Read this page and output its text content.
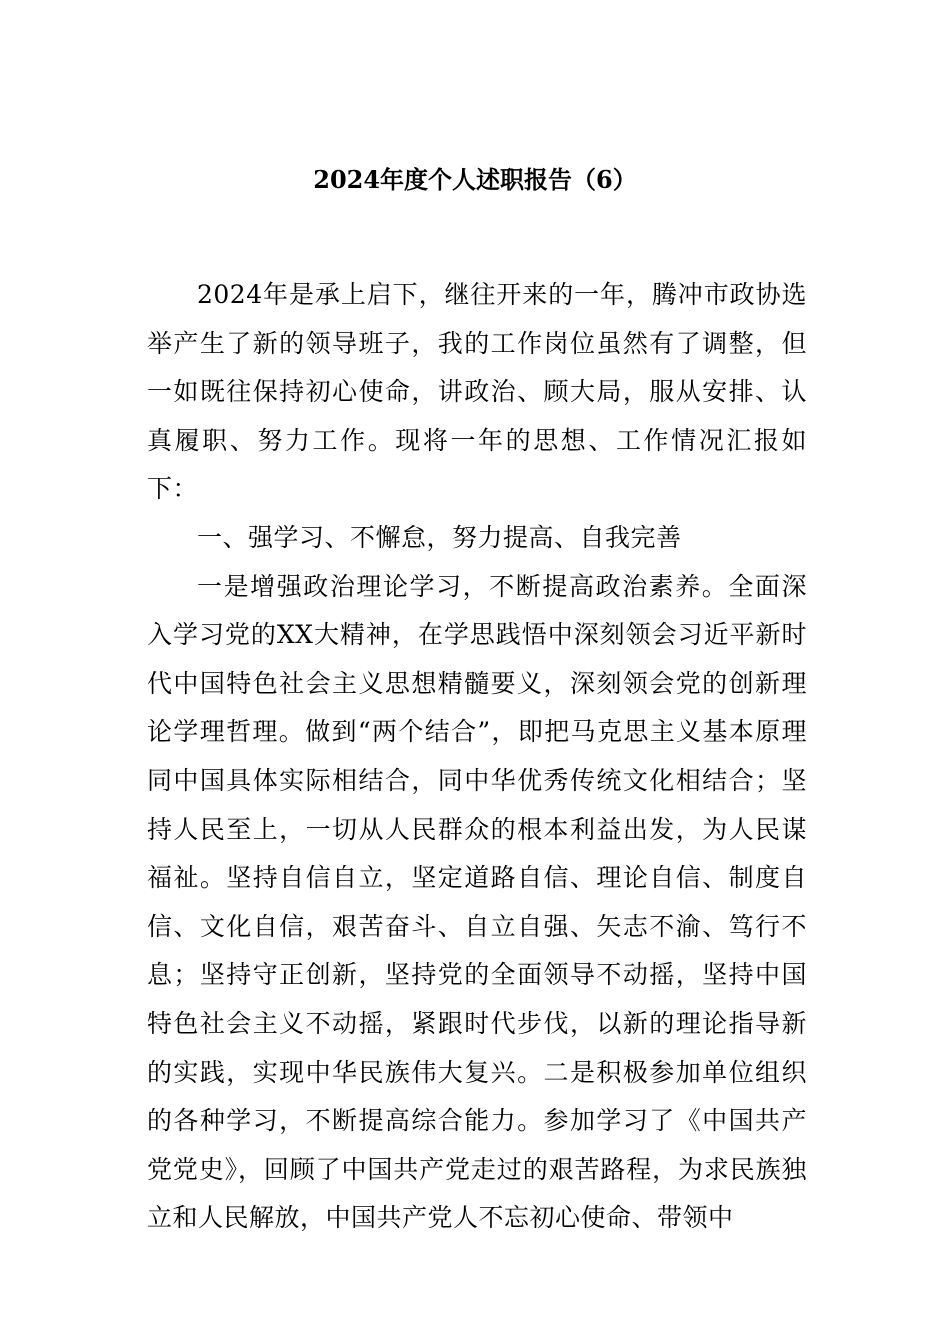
2024年度个人述职报告（6）

2024年是承上启下，继往开来的一年，腾冲市政协选举产生了新的领导班子，我的工作岗位虽然有了调整，但一如既往保持初心使命，讲政治、顾大局，服从安排、认真履职、努力工作。现将一年的思想、工作情况汇报如下：

一、强学习、不懈怠，努力提高、自我完善

一是增强政治理论学习，不断提高政治素养。全面深入学习党的XX大精神，在学思践悟中深刻领会习近平新时代中国特色社会主义思想精髓要义，深刻领会党的创新理论学理哲理。做到“两个结合”，即把马克思主义基本原理同中国具体实际相结合，同中华优秀传统文化相结合；坚持人民至上，一切从人民群众的根本利益出发，为人民谋福祉。坚持自信自立，坚定道路自信、理论自信、制度自信、文化自信，艰苦奋斗、自立自强、矢志不渝、笃行不息；坚持守正创新，坚持党的全面领导不动摇，坚持中国特色社会主义不动摇，紧跟时代步伐，以新的理论指导新的实践，实现中华民族伟大复兴。二是积极参加单位组织的各种学习，不断提高综合能力。参加学习了《中国共产党党史》，回顾了中国共产党走过的艰苦路程，为求民族独立和人民解放，中国共产党人不忘初心使命、带领中
